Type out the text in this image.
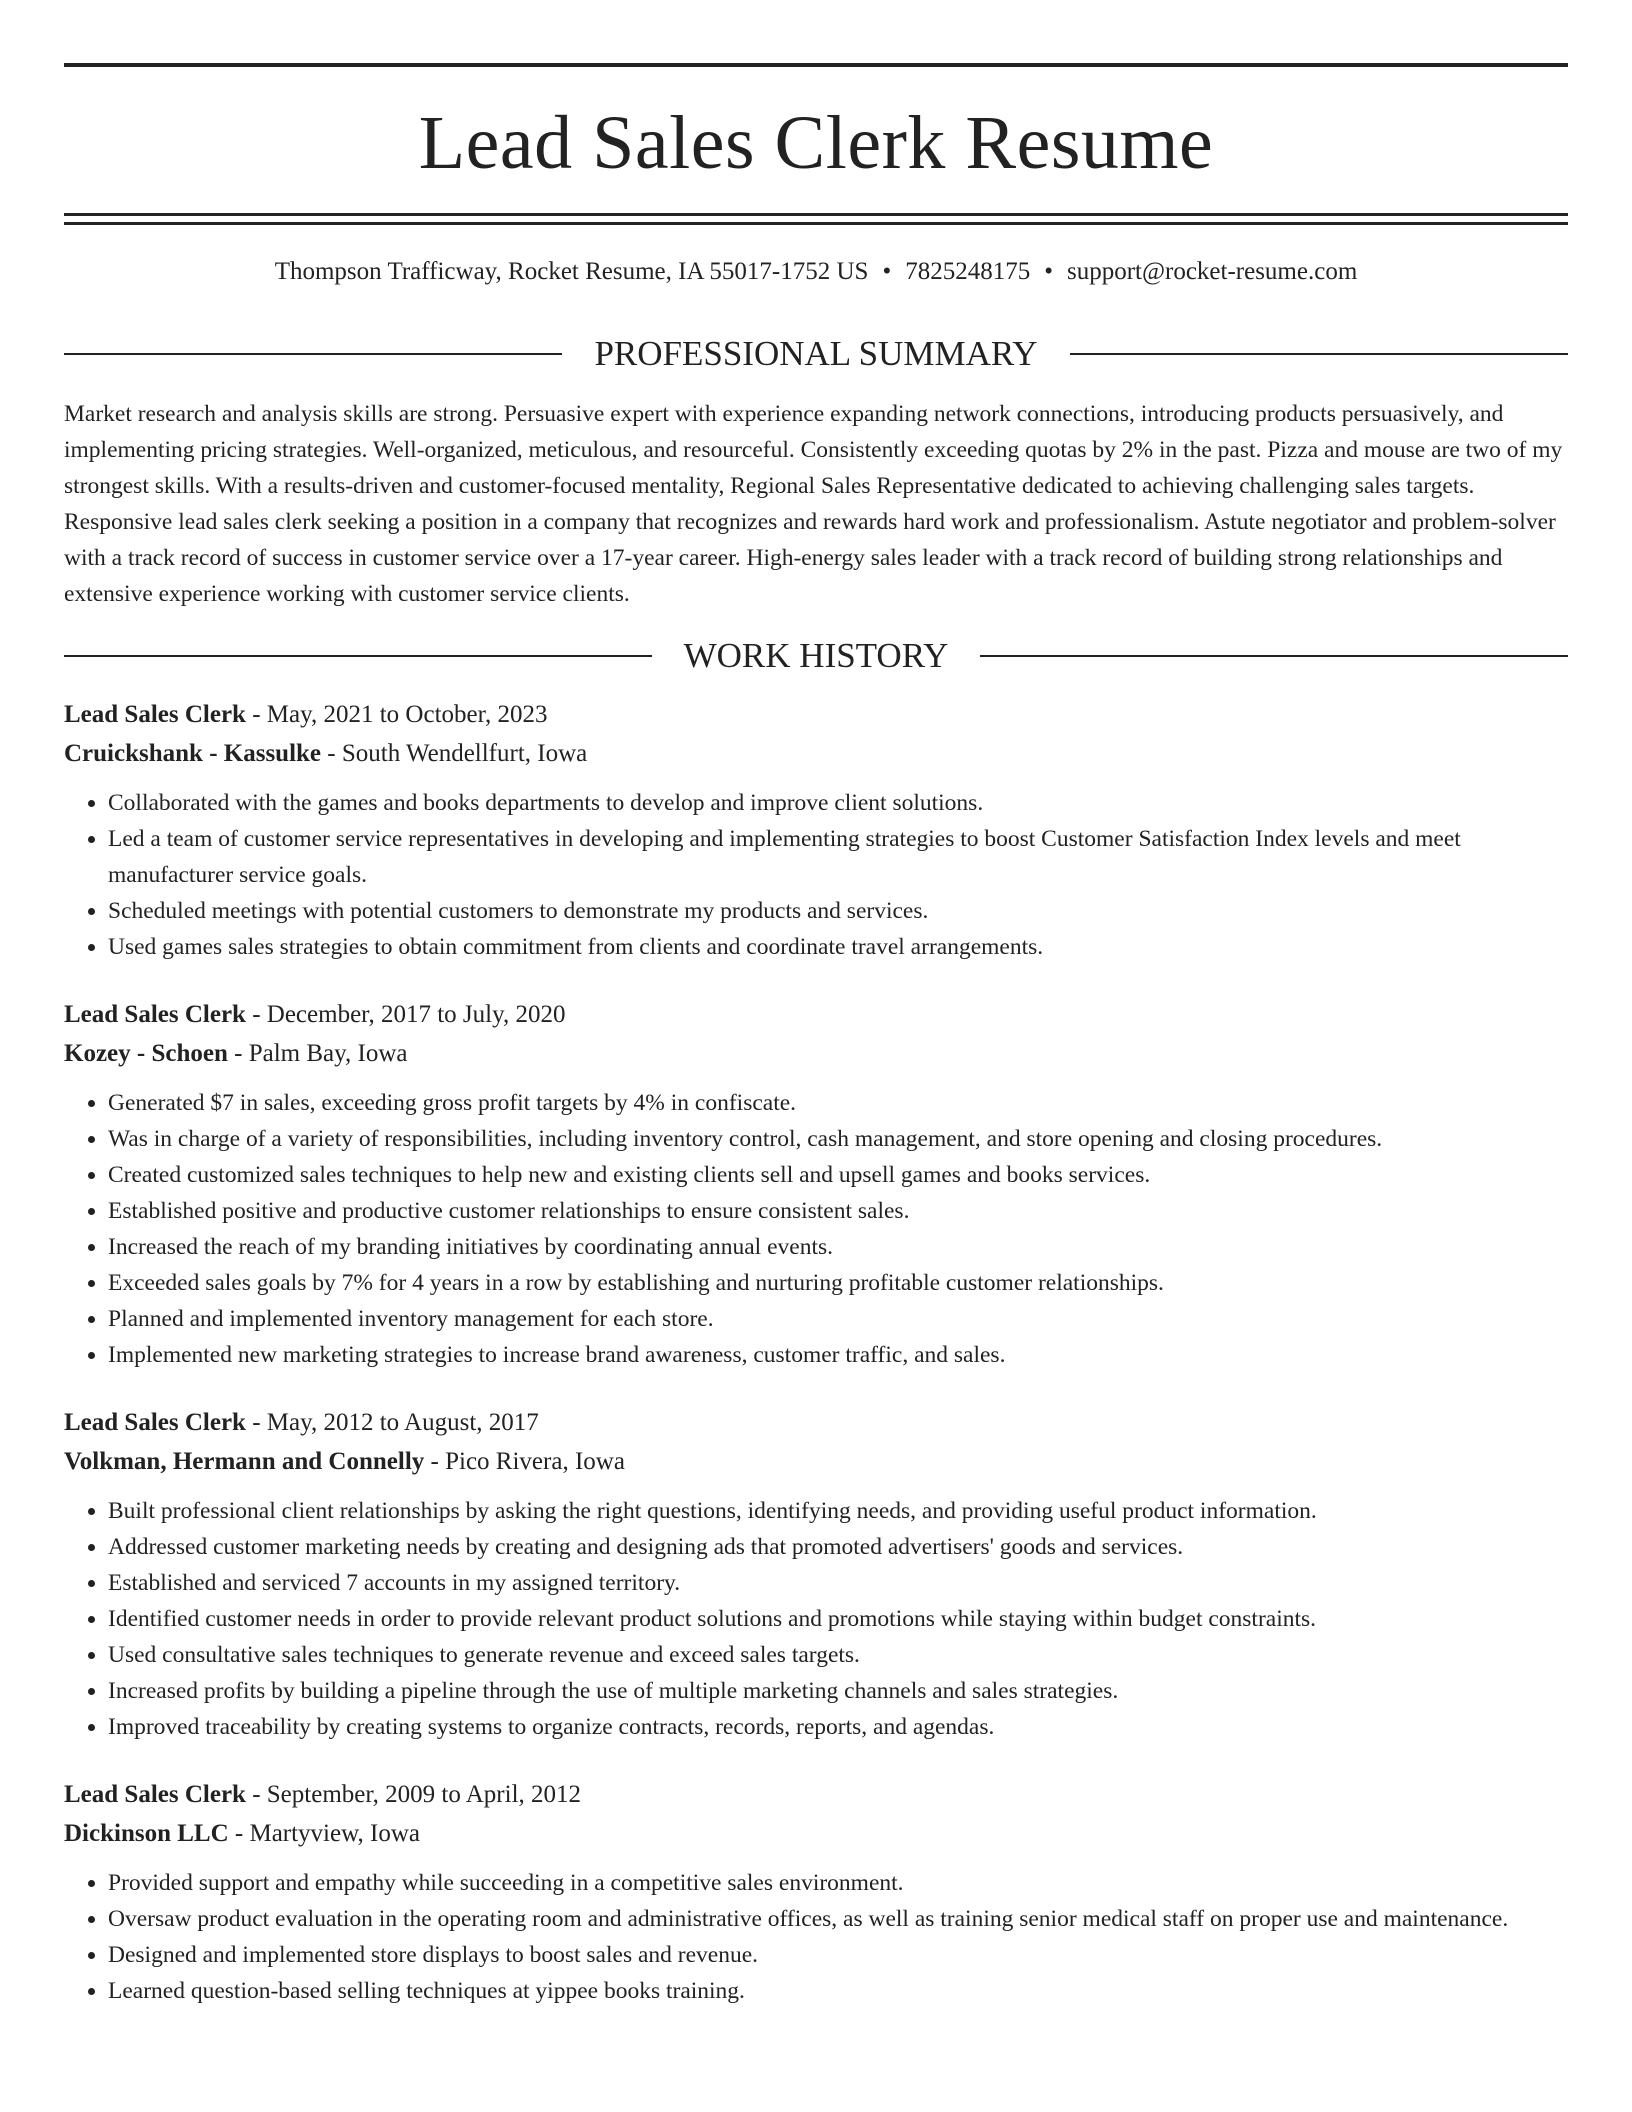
Lead Sales Clerk Resume
Thompson Trafficway, Rocket Resume, IA 55017-1752 US • 7825248175 • support@rocket-resume.com
PROFESSIONAL SUMMARY

Market research and analysis skills are strong. Persuasive expert with experience expanding network connections, introducing products persuasively, and implementing pricing strategies. Well-organized, meticulous, and resourceful. Consistently exceeding quotas by 2% in the past. Pizza and mouse are two of my strongest skills. With a results-driven and customer-focused mentality, Regional Sales Representative dedicated to achieving challenging sales targets. Responsive lead sales clerk seeking a position in a company that recognizes and rewards hard work and professionalism. Astute negotiator and problem-solver with a track record of success in customer service over a 17-year career. High-energy sales leader with a track record of building strong relationships and extensive experience working with customer service clients.

WORK HISTORY
Lead Sales Clerk - May, 2021 to October, 2023
Cruickshank - Kassulke - South Wendellfurt, Iowa
• Collaborated with the games and books departments to develop and improve client solutions.
• Led a team of customer service representatives in developing and implementing strategies to boost Customer Satisfaction Index levels and meet manufacturer service goals.
• Scheduled meetings with potential customers to demonstrate my products and services.
• Used games sales strategies to obtain commitment from clients and coordinate travel arrangements.
Lead Sales Clerk - December, 2017 to July, 2020
Kozey - Schoen - Palm Bay, Iowa
• Generated $7 in sales, exceeding gross profit targets by 4% in confiscate.
• Was in charge of a variety of responsibilities, including inventory control, cash management, and store opening and closing procedures.
• Created customized sales techniques to help new and existing clients sell and upsell games and books services.
• Established positive and productive customer relationships to ensure consistent sales.
• Increased the reach of my branding initiatives by coordinating annual events.
• Exceeded sales goals by 7% for 4 years in a row by establishing and nurturing profitable customer relationships.
• Planned and implemented inventory management for each store.
• Implemented new marketing strategies to increase brand awareness, customer traffic, and sales.
Lead Sales Clerk - May, 2012 to August, 2017
Volkman, Hermann and Connelly - Pico Rivera, Iowa
• Built professional client relationships by asking the right questions, identifying needs, and providing useful product information.
• Addressed customer marketing needs by creating and designing ads that promoted advertisers' goods and services.
• Established and serviced 7 accounts in my assigned territory.
• Identified customer needs in order to provide relevant product solutions and promotions while staying within budget constraints.
• Used consultative sales techniques to generate revenue and exceed sales targets.
• Increased profits by building a pipeline through the use of multiple marketing channels and sales strategies.
• Improved traceability by creating systems to organize contracts, records, reports, and agendas.
Lead Sales Clerk - September, 2009 to April, 2012
Dickinson LLC - Martyview, Iowa
• Provided support and empathy while succeeding in a competitive sales environment.
• Oversaw product evaluation in the operating room and administrative offices, as well as training senior medical staff on proper use and maintenance.
• Designed and implemented store displays to boost sales and revenue.
• Learned question-based selling techniques at yippee books training.
